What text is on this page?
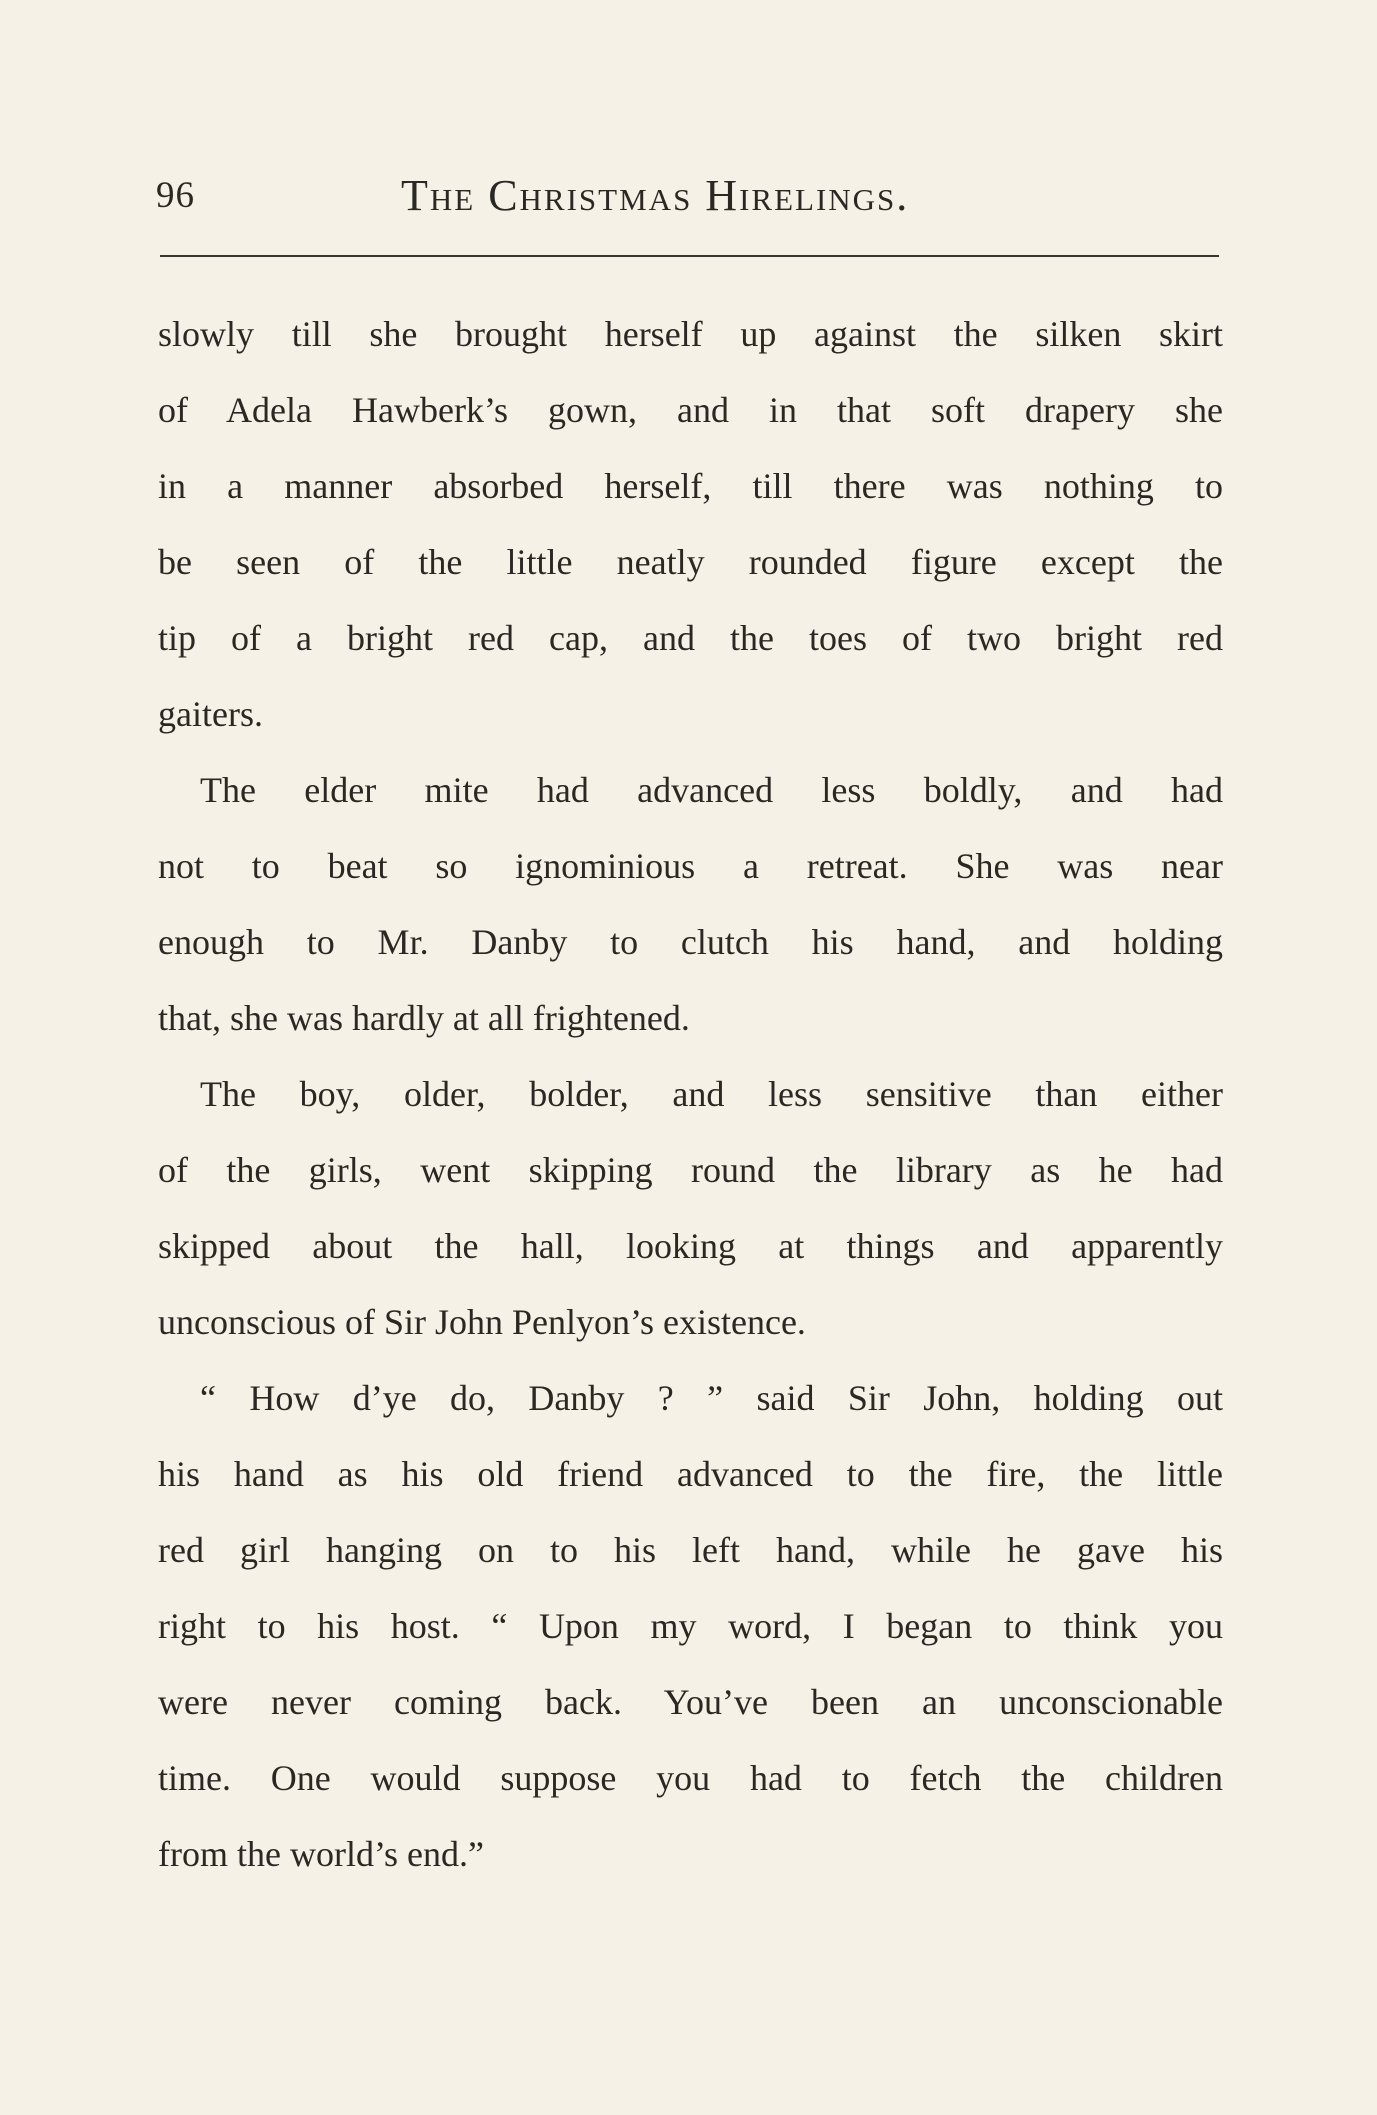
96	The Christmas Hirelings.
slowly till she brought herself up against the silken skirt
of Adela Hawberk’s gown, and in that soft drapery she
in a manner absorbed herself, till there was nothing to
be seen of the little neatly rounded figure except the
tip of a bright red cap, and the toes of two bright red
gaiters.
The elder mite had advanced less boldly, and had
not to beat so ignominious a retreat. She was near
enough to Mr. Danby to clutch his hand, and holding
that, she was hardly at all frightened.
The boy, older, bolder, and less sensitive than either
of the girls, went skipping round the library as he had
skipped about the hall, looking at things and apparently
unconscious of Sir John Penlyon’s existence.
“ How d’ye do, Danby ? ” said Sir John, holding out
his hand as his old friend advanced to the fire, the little
red girl hanging on to his left hand, while he gave his
right to his host. “ Upon my word, I began to think you
were never coming back. You’ve been an unconscionable
time. One would suppose you had to fetch the children
from the world’s end.”
